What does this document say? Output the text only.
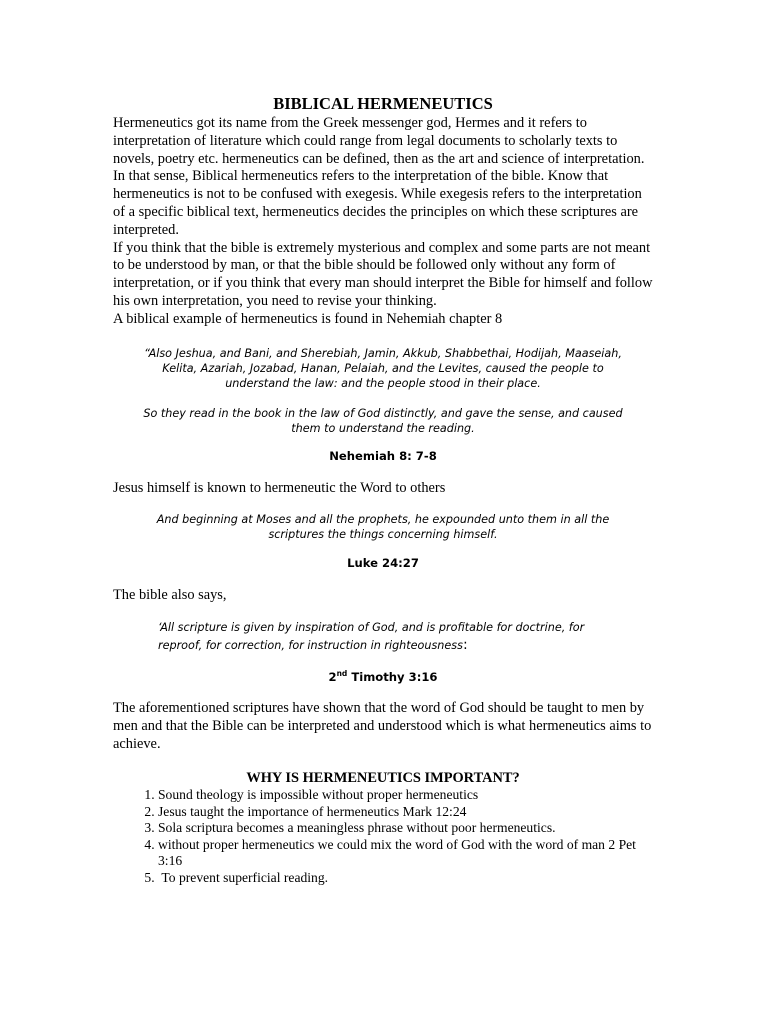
BIBLICAL HERMENEUTICS

Hermeneutics got its name from the Greek messenger god, Hermes and it refers to interpretation of literature which could range from legal documents to scholarly texts to novels, poetry etc. hermeneutics can be defined, then as the art and science of interpretation.

In that sense, Biblical hermeneutics refers to the interpretation of the bible. Know that hermeneutics is not to be confused with exegesis. While exegesis refers to the interpretation of a specific biblical text, hermeneutics decides the principles on which these scriptures are interpreted.

If you think that the bible is extremely mysterious and complex and some parts are not meant to be understood by man, or that the bible should be followed only without any form of interpretation, or if you think that every man should interpret the Bible for himself and follow his own interpretation, you need to revise your thinking.

A biblical example of hermeneutics is found in Nehemiah chapter 8

“Also Jeshua, and Bani, and Sherebiah, Jamin, Akkub, Shabbethai, Hodijah, Maaseiah, Kelita, Azariah, Jozabad, Hanan, Pelaiah, and the Levites, caused the people to understand the law: and the people stood in their place.

So they read in the book in the law of God distinctly, and gave the sense, and caused them to understand the reading.

Nehemiah 8: 7-8

Jesus himself is known to hermeneutic the Word to others

And beginning at Moses and all the prophets, he expounded unto them in all the scriptures the things concerning himself.

Luke 24:27

The bible also says,

‘All scripture is given by inspiration of God, and is profitable for doctrine, for reproof, for correction, for instruction in righteousness:

2nd Timothy 3:16

The aforementioned scriptures have shown that the word of God should be taught to men by men and that the Bible can be interpreted and understood which is what hermeneutics aims to achieve.

WHY IS HERMENEUTICS IMPORTANT?
1. Sound theology is impossible without proper hermeneutics
2. Jesus taught the importance of hermeneutics Mark 12:24
3. Sola scriptura becomes a meaningless phrase without poor hermeneutics.
4. without proper hermeneutics we could mix the word of God with the word of man 2 Pet 3:16
5.  To prevent superficial reading.
